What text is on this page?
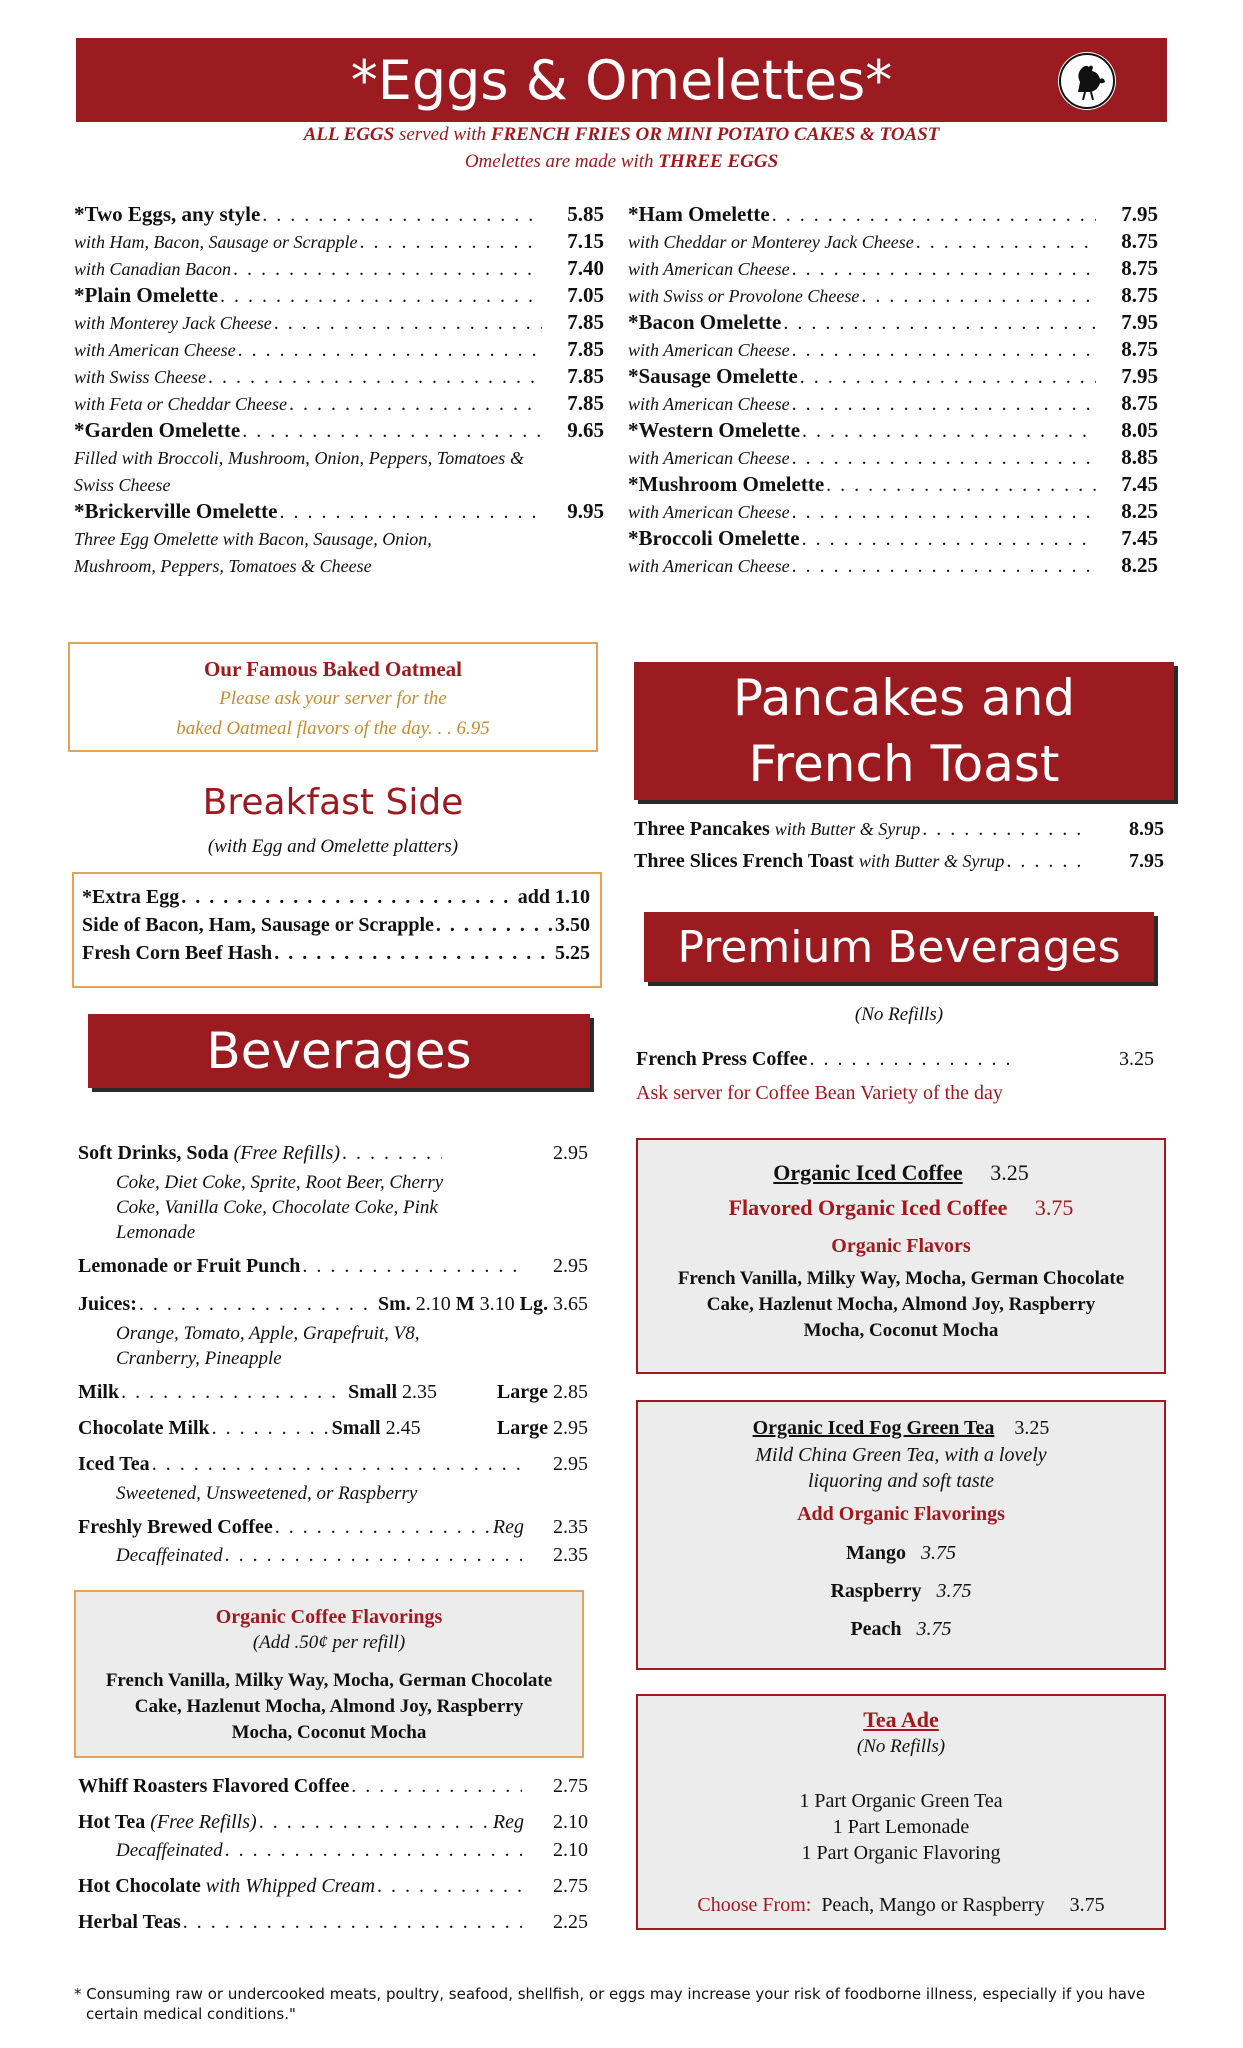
*Eggs & Omelettes*
ALL EGGS served with FRENCH FRIES OR MINI POTATO CAKES & TOAST
Omelettes are made with THREE EGGS
*Two Eggs, any style . . .	5.85
with Ham, Bacon, Sausage or Scrapple . . .	7.15
with Canadian Bacon . . .	7.40
*Plain Omelette . . .	7.05
with Monterey Jack Cheese . . .	7.85
with American Cheese . . .	7.85
with Swiss Cheese . . .	7.85
with Feta or Cheddar Cheese . . .	7.85
*Garden Omelette . . .	9.65
Filled with Broccoli, Mushroom, Onion, Peppers, Tomatoes & Swiss Cheese
*Brickerville Omelette . . .	9.95
Three Egg Omelette with Bacon, Sausage, Onion, Mushroom, Peppers, Tomatoes & Cheese
*Ham Omelette . . .	7.95
with Cheddar or Monterey Jack Cheese . . .	8.75
with American Cheese . . .	8.75
with Swiss or Provolone Cheese . . .	8.75
*Bacon Omelette . . .	7.95
with American Cheese . . .	8.75
*Sausage Omelette . . .	7.95
with American Cheese . . .	8.75
*Western Omelette . . .	8.05
with American Cheese . . .	8.85
*Mushroom Omelette . . .	7.45
with American Cheese . . .	8.25
*Broccoli Omelette . . .	7.45
with American Cheese . . .	8.25
Our Famous Baked Oatmeal
Please ask your server for the
baked Oatmeal flavors of the day. . . 6.95
Breakfast Side
(with Egg and Omelette platters)
*Extra Egg . . .	add 1.10
Side of Bacon, Ham, Sausage or Scrapple . . .	3.50
Fresh Corn Beef Hash . . .	5.25
Beverages
Soft Drinks, Soda (Free Refills) . . .	2.95
Coke, Diet Coke, Sprite, Root Beer, Cherry Coke, Vanilla Coke, Chocolate Coke, Pink Lemonade
Lemonade or Fruit Punch . . .	2.95
Juices: . . .	Sm. 2.10 M 3.10 Lg. 3.65
Orange, Tomato, Apple, Grapefruit, V8, Cranberry, Pineapple
Milk . . .	Small 2.35	Large 2.85
Chocolate Milk . . .	Small 2.45	Large 2.95
Iced Tea . . .	2.95
Sweetened, Unsweetened, or Raspberry
Freshly Brewed Coffee . . .	Reg	2.35
Decaffeinated . . .	2.35
Organic Coffee Flavorings
(Add .50¢ per refill)
French Vanilla, Milky Way, Mocha, German Chocolate Cake, Hazlenut Mocha, Almond Joy, Raspberry Mocha, Coconut Mocha
Whiff Roasters Flavored Coffee . . .	2.75
Hot Tea (Free Refills) . . .	Reg	2.10
Decaffeinated . . .	2.10
Hot Chocolate with Whipped Cream . . .	2.75
Herbal Teas . . .	2.25
Pancakes and
French Toast
Three Pancakes with Butter & Syrup . . .	8.95
Three Slices French Toast with Butter & Syrup . . .	7.95
Premium Beverages
(No Refills)
French Press Coffee . . .	3.25
Ask server for Coffee Bean Variety of the day
Organic Iced Coffee 3.25
Flavored Organic Iced Coffee 3.75
Organic Flavors
French Vanilla, Milky Way, Mocha, German Chocolate Cake, Hazlenut Mocha, Almond Joy, Raspberry Mocha, Coconut Mocha
Organic Iced Fog Green Tea 3.25
Mild China Green Tea, with a lovely liquoring and soft taste
Add Organic Flavorings
Mango 3.75
Raspberry 3.75
Peach 3.75
Tea Ade
(No Refills)
1 Part Organic Green Tea
1 Part Lemonade
1 Part Organic Flavoring
Choose From: Peach, Mango or Raspberry 3.75
* Consuming raw or undercooked meats, poultry, seafood, shellfish, or eggs may increase your risk of foodborne illness, especially if you have certain medical conditions."
